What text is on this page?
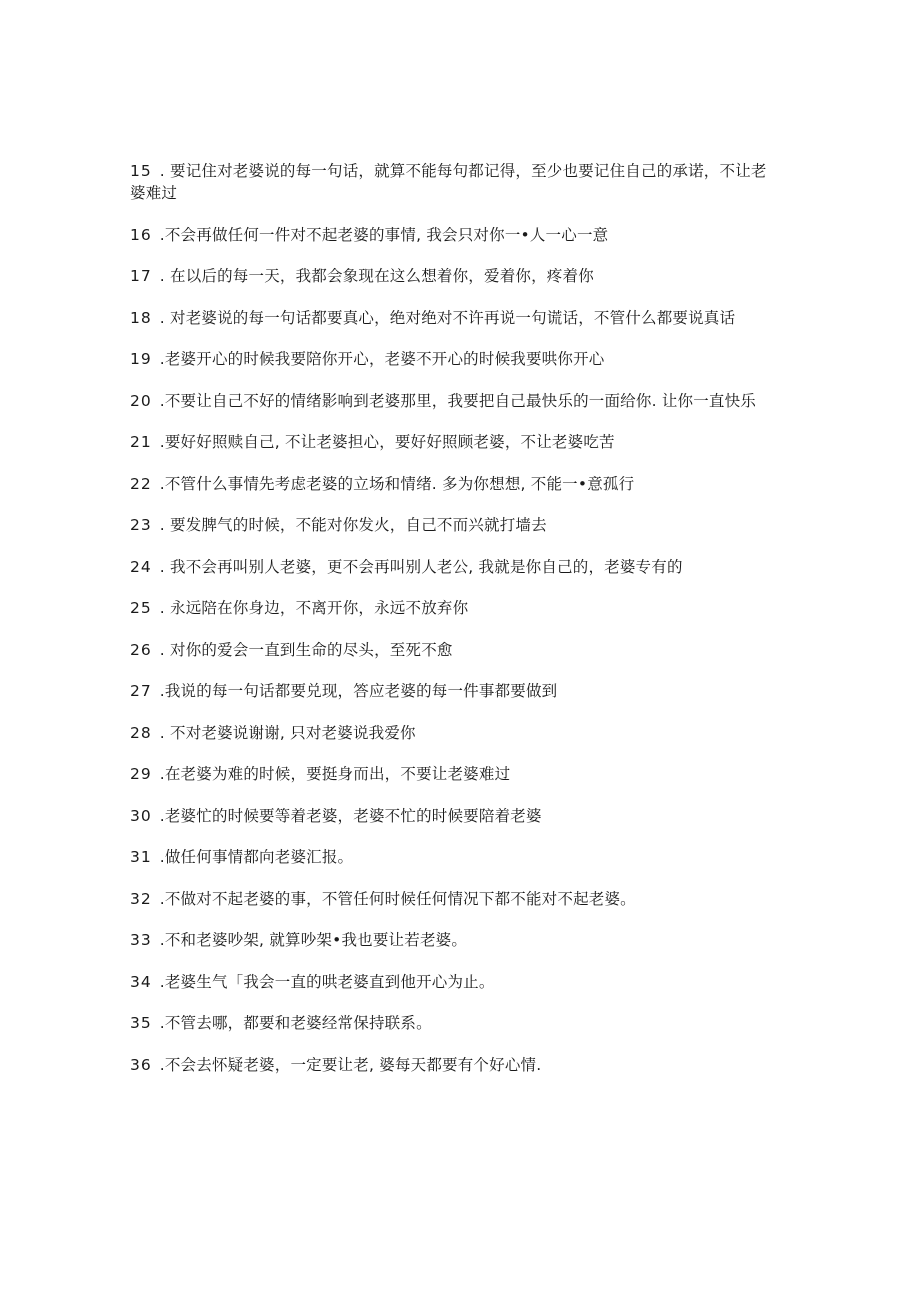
15 . 要记住对老婆说的每一句话，就算不能每句都记得，至少也要记住自己的承诺，不让老婆难过

16 .不会再做任何一件对不起老婆的事情, 我会只对你一•人一心一意

17 . 在以后的每一天，我都会象现在这么想着你，爱着你，疼着你

18 . 对老婆说的每一句话都要真心，绝对绝对不许再说一句谎话，不管什么都要说真话

19 .老婆开心的时候我要陪你开心，老婆不开心的时候我要哄你开心

20 .不要让自己不好的情绪影响到老婆那里，我要把自己最快乐的一面给你. 让你一直快乐

21 .要好好照赎自己, 不让老婆担心，要好好照顾老婆，不让老婆吃苦

22 .不管什么事情先考虑老婆的立场和情绪. 多为你想想, 不能一•意孤行

23 . 要发脾气的时候，不能对你发火，自己不而兴就打墙去

24 . 我不会再叫别人老婆，更不会再叫别人老公, 我就是你自己的，老婆专有的

25 . 永远陪在你身边，不离开你，永远不放弃你

26 . 对你的爱会一直到生命的尽头，至死不愈

27 .我说的每一句话都要兑现，答应老婆的每一件事都要做到

28 . 不对老婆说谢谢, 只对老婆说我爱你

29 .在老婆为难的时候，要挺身而出，不要让老婆难过

30 .老婆忙的时候要等着老婆，老婆不忙的时候要陪着老婆

31 .做任何事情都向老婆汇报。

32 .不做对不起老婆的事，不管任何时候任何情况下都不能对不起老婆。

33 .不和老婆吵架, 就算吵架•我也要让若老婆。

34 .老婆生气「我会一直的哄老婆直到他开心为止。

35 .不管去哪，都要和老婆经常保持联系。

36 .不会去怀疑老婆，一定要让老, 婆每天都要有个好心情.
